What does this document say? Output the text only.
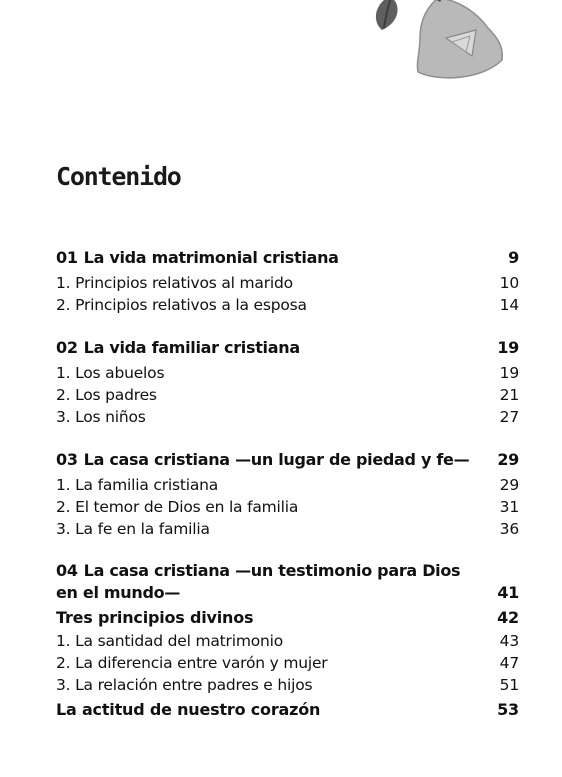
Contenido
01 La vida matrimonial cristiana	9
1. Principios relativos al marido	10
2. Principios relativos a la esposa	14
02 La vida familiar cristiana	19
1. Los abuelos	19
2. Los padres	21
3. Los niños	27
03 La casa cristiana —un lugar de piedad y fe—	29
1. La familia cristiana	29
2. El temor de Dios en la familia	31
3. La fe en la familia	36
04 La casa cristiana —un testimonio para Dios
en el mundo—	41
Tres principios divinos	42
1. La santidad del matrimonio	43
2. La diferencia entre varón y mujer	47
3. La relación entre padres e hijos	51
La actitud de nuestro corazón	53
